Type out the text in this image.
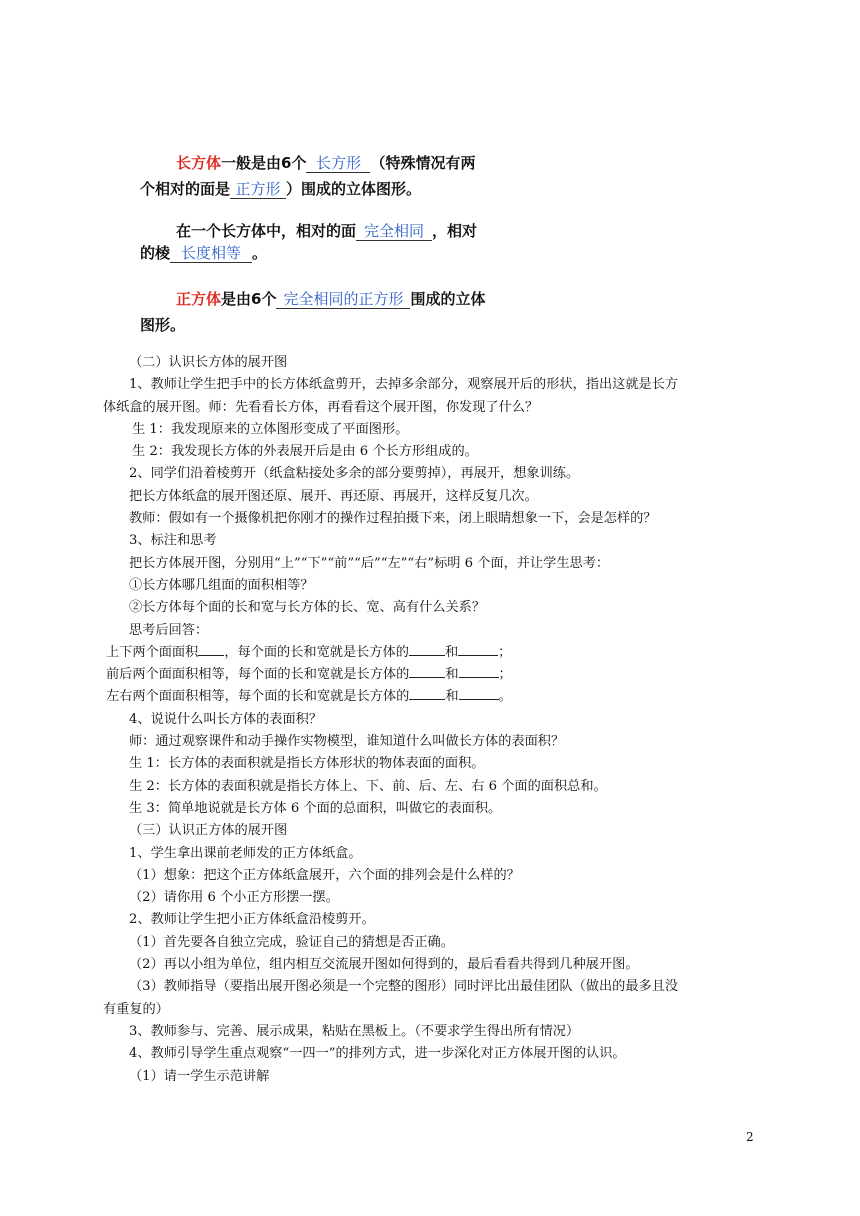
长方体一般是由6个 长方形 （特殊情况有两
个相对的面是 正方形 ）围成的立体图形。
在一个长方体中，相对的面 完全相同 ，相对
的棱 长度相等 。
正方体是由6个 完全相同的正方形 围成的立体
图形。
（二）认识长方体的展开图
1、教师让学生把手中的长方体纸盒剪开，去掉多余部分，观察展开后的形状，指出这就是长方
体纸盒的展开图。师：先看看长方体，再看看这个展开图，你发现了什么？
生 1：我发现原来的立体图形变成了平面图形。
生 2：我发现长方体的外表展开后是由 6 个长方形组成的。
2、同学们沿着棱剪开（纸盒粘接处多余的部分要剪掉），再展开，想象训练。
把长方体纸盒的展开图还原、展开、再还原、再展开，这样反复几次。
教师：假如有一个摄像机把你刚才的操作过程拍摄下来，闭上眼睛想象一下，会是怎样的？
3、标注和思考
把长方体展开图，分别用“上”“下”“前”“后”“左”“右”标明 6 个面，并让学生思考：
①长方体哪几组面的面积相等？
②长方体每个面的长和宽与长方体的长、宽、高有什么关系？
思考后回答：
上下两个面面积 ，每个面的长和宽就是长方体的	和	；
前后两个面面积相等，每个面的长和宽就是长方体的	和	；
左右两个面面积相等，每个面的长和宽就是长方体的	和	。
4、说说什么叫长方体的表面积？
师：通过观察课件和动手操作实物模型，谁知道什么叫做长方体的表面积？
生 1：长方体的表面积就是指长方体形状的物体表面的面积。
生 2：长方体的表面积就是指长方体上、下、前、后、左、右 6 个面的面积总和。
生 3：简单地说就是长方体 6 个面的总面积，叫做它的表面积。
（三）认识正方体的展开图
1、学生拿出课前老师发的正方体纸盒。
（1）想象：把这个正方体纸盒展开，六个面的排列会是什么样的？
（2）请你用 6 个小正方形摆一摆。
2、教师让学生把小正方体纸盒沿棱剪开。
（1）首先要各自独立完成，验证自己的猜想是否正确。
（2）再以小组为单位，组内相互交流展开图如何得到的，最后看看共得到几种展开图。
（3）教师指导（要指出展开图必须是一个完整的图形）同时评比出最佳团队（做出的最多且没
有重复的）
3、教师参与、完善、展示成果，粘贴在黑板上。（不要求学生得出所有情况）
4、教师引导学生重点观察“一四一”的排列方式，进一步深化对正方体展开图的认识。
（1）请一学生示范讲解
2
